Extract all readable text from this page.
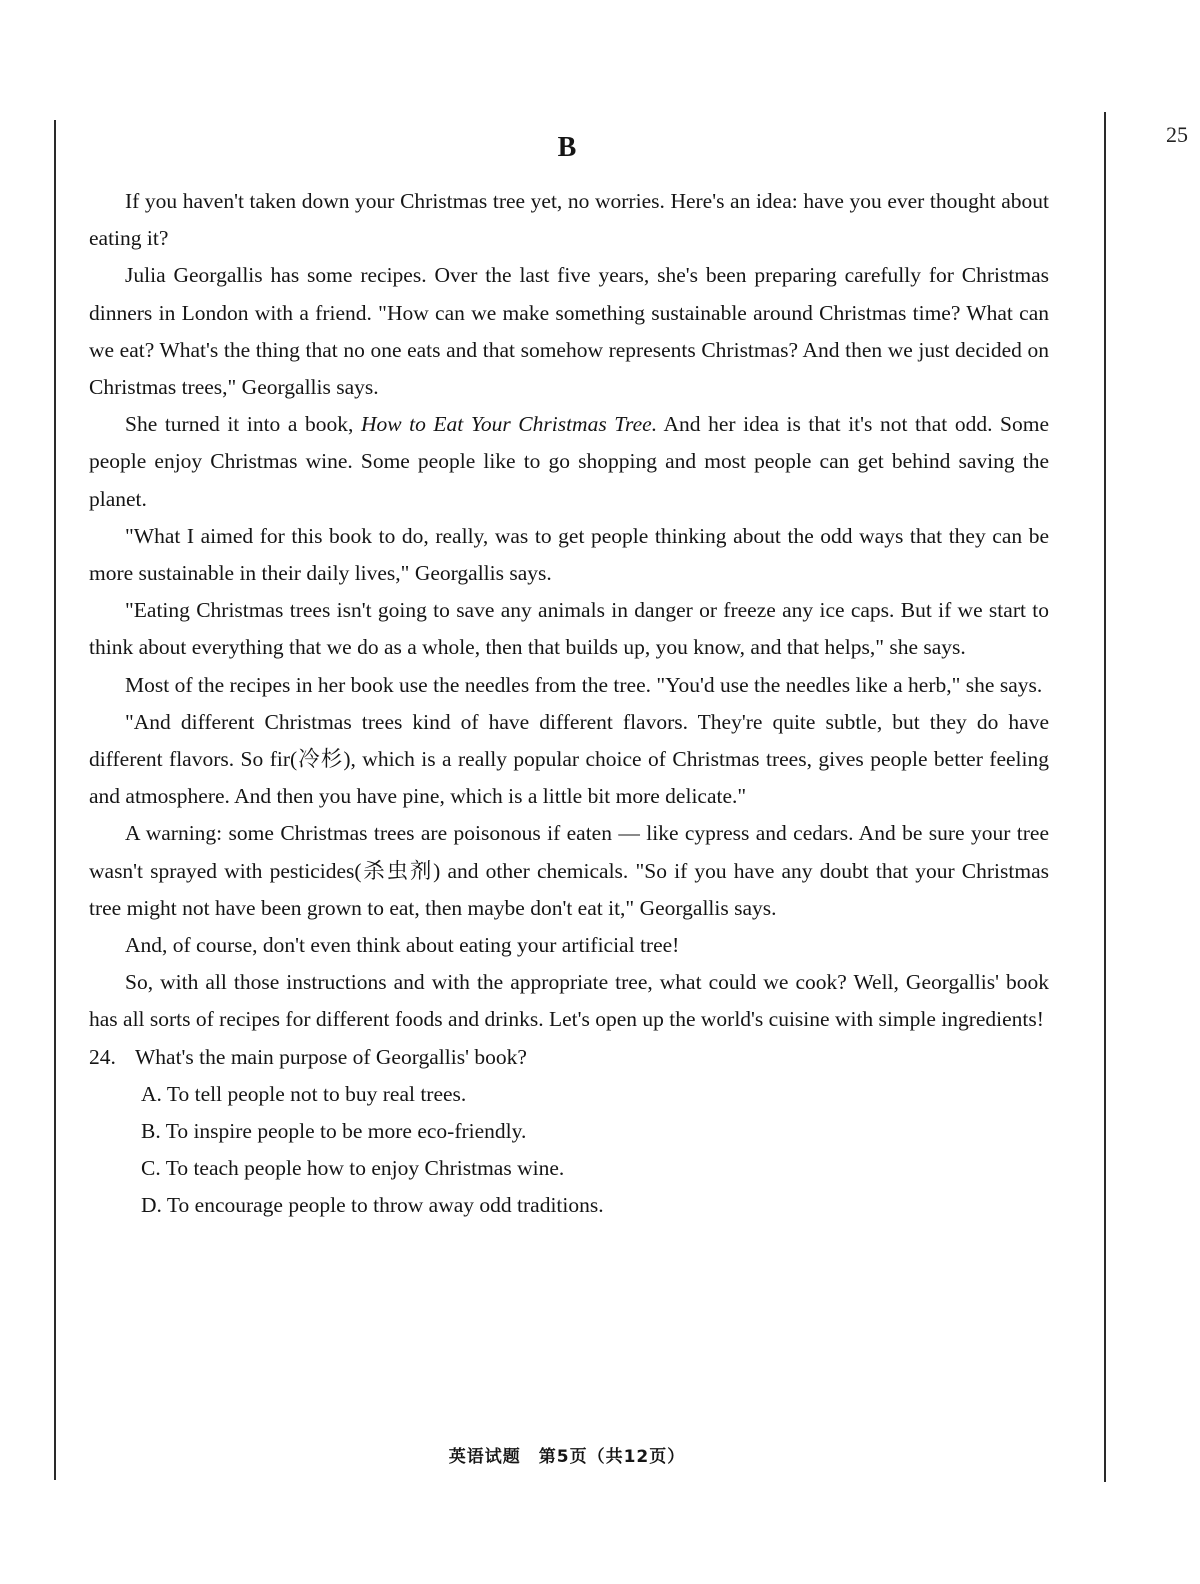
25
B

If you haven't taken down your Christmas tree yet, no worries. Here's an idea: have you ever thought about eating it?

Julia Georgallis has some recipes. Over the last five years, she's been preparing carefully for Christmas dinners in London with a friend. "How can we make something sustainable around Christmas time? What can we eat? What's the thing that no one eats and that somehow represents Christmas? And then we just decided on Christmas trees," Georgallis says.

She turned it into a book, How to Eat Your Christmas Tree. And her idea is that it's not that odd. Some people enjoy Christmas wine. Some people like to go shopping and most people can get behind saving the planet.

"What I aimed for this book to do, really, was to get people thinking about the odd ways that they can be more sustainable in their daily lives," Georgallis says.

"Eating Christmas trees isn't going to save any animals in danger or freeze any ice caps. But if we start to think about everything that we do as a whole, then that builds up, you know, and that helps," she says.

Most of the recipes in her book use the needles from the tree. "You'd use the needles like a herb," she says.

"And different Christmas trees kind of have different flavors. They're quite subtle, but they do have different flavors. So fir(冷杉), which is a really popular choice of Christmas trees, gives people better feeling and atmosphere. And then you have pine, which is a little bit more delicate."

A warning: some Christmas trees are poisonous if eaten — like cypress and cedars. And be sure your tree wasn't sprayed with pesticides(杀虫剂) and other chemicals. "So if you have any doubt that your Christmas tree might not have been grown to eat, then maybe don't eat it," Georgallis says.

And, of course, don't even think about eating your artificial tree!

So, with all those instructions and with the appropriate tree, what could we cook? Well, Georgallis' book has all sorts of recipes for different foods and drinks. Let's open up the world's cuisine with simple ingredients!

24. What's the main purpose of Georgallis' book?
A. To tell people not to buy real trees.
B. To inspire people to be more eco-friendly.
C. To teach people how to enjoy Christmas wine.
D. To encourage people to throw away odd traditions.
英语试题　第5页（共12页）
